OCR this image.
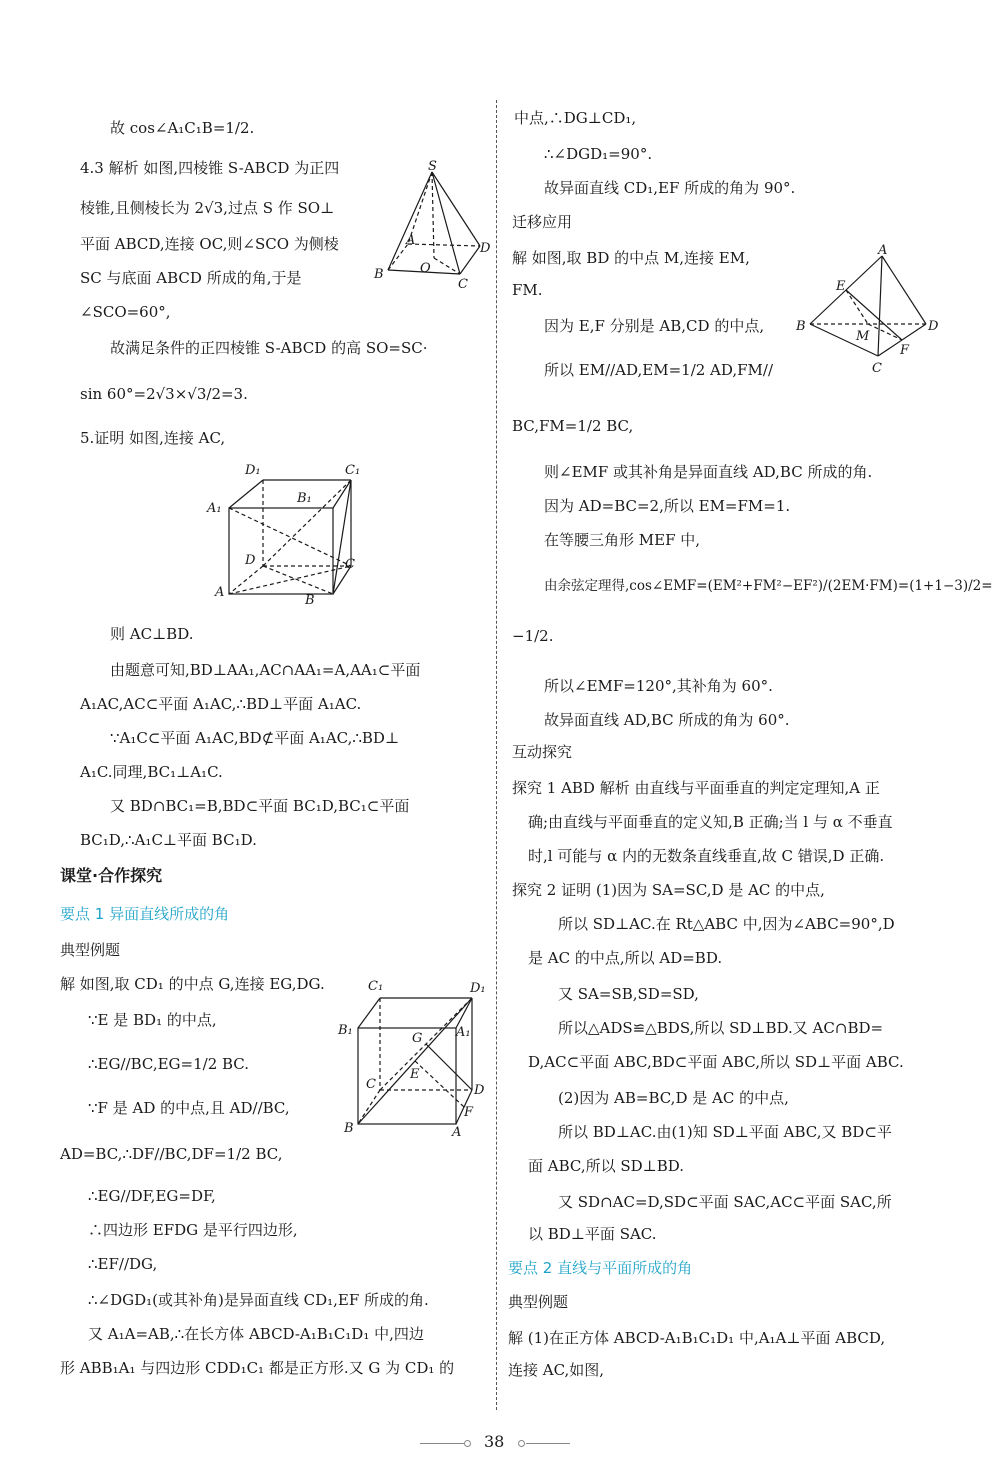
故 cos∠A₁C₁B=1/2.
4.3 解析 如图,四棱锥 S-ABCD 为正四
棱锥,且侧棱长为 2√3,过点 S 作 SO⊥
平面 ABCD,连接 OC,则∠SCO 为侧棱
SC 与底面 ABCD 所成的角,于是
∠SCO=60°,
故满足条件的正四棱锥 S-ABCD 的高 SO=SC·
sin 60°=2√3×√3/2=3.
5.证明 如图,连接 AC,
则 AC⊥BD.
由题意可知,BD⊥AA₁,AC∩AA₁=A,AA₁⊂平面
A₁AC,AC⊂平面 A₁AC,∴BD⊥平面 A₁AC.
∵A₁C⊂平面 A₁AC,BD⊄平面 A₁AC,∴BD⊥
A₁C.同理,BC₁⊥A₁C.
又 BD∩BC₁=B,BD⊂平面 BC₁D,BC₁⊂平面
BC₁D,∴A₁C⊥平面 BC₁D.
课堂·合作探究
要点 1 异面直线所成的角
典型例题
解 如图,取 CD₁ 的中点 G,连接 EG,DG.
∵E 是 BD₁ 的中点,
∴EG//BC,EG=1/2 BC.
∵F 是 AD 的中点,且 AD//BC,
AD=BC,∴DF//BC,DF=1/2 BC,
∴EG//DF,EG=DF,
∴四边形 EFDG 是平行四边形,
∴EF//DG,
∴∠DGD₁(或其补角)是异面直线 CD₁,EF 所成的角.
又 A₁A=AB,∴在长方体 ABCD-A₁B₁C₁D₁ 中,四边
形 ABB₁A₁ 与四边形 CDD₁C₁ 都是正方形.又 G 为 CD₁ 的
S
A
D
O
B
C
D₁	C₁
A₁
B₁
D	C
A
B
C₁	D₁
B₁	A₁
G
E
C	D
F
B	A
中点,∴DG⊥CD₁,
∴∠DGD₁=90°.
故异面直线 CD₁,EF 所成的角为 90°.
迁移应用
解 如图,取 BD 的中点 M,连接 EM,
FM.
因为 E,F 分别是 AB,CD 的中点,
所以 EM//AD,EM=1/2 AD,FM//
BC,FM=1/2 BC,
则∠EMF 或其补角是异面直线 AD,BC 所成的角.
因为 AD=BC=2,所以 EM=FM=1.
在等腰三角形 MEF 中,
由余弦定理得,cos∠EMF=(EM²+FM²−EF²)/(2EM·FM)=(1+1−3)/2=
−1/2.
所以∠EMF=120°,其补角为 60°.
故异面直线 AD,BC 所成的角为 60°.
互动探究
探究 1 ABD 解析 由直线与平面垂直的判定定理知,A 正
确;由直线与平面垂直的定义知,B 正确;当 l 与 α 不垂直
时,l 可能与 α 内的无数条直线垂直,故 C 错误,D 正确.
探究 2 证明 (1)因为 SA=SC,D 是 AC 的中点,
所以 SD⊥AC.在 Rt△ABC 中,因为∠ABC=90°,D
是 AC 的中点,所以 AD=BD.
又 SA=SB,SD=SD,
所以△ADS≌△BDS,所以 SD⊥BD.又 AC∩BD=
D,AC⊂平面 ABC,BD⊂平面 ABC,所以 SD⊥平面 ABC.
(2)因为 AB=BC,D 是 AC 的中点,
所以 BD⊥AC.由(1)知 SD⊥平面 ABC,又 BD⊂平
面 ABC,所以 SD⊥BD.
又 SD∩AC=D,SD⊂平面 SAC,AC⊂平面 SAC,所
以 BD⊥平面 SAC.
要点 2 直线与平面所成的角
典型例题
解 (1)在正方体 ABCD-A₁B₁C₁D₁ 中,A₁A⊥平面 ABCD,
连接 AC,如图,
A
E
B	D
M
F
C
38
